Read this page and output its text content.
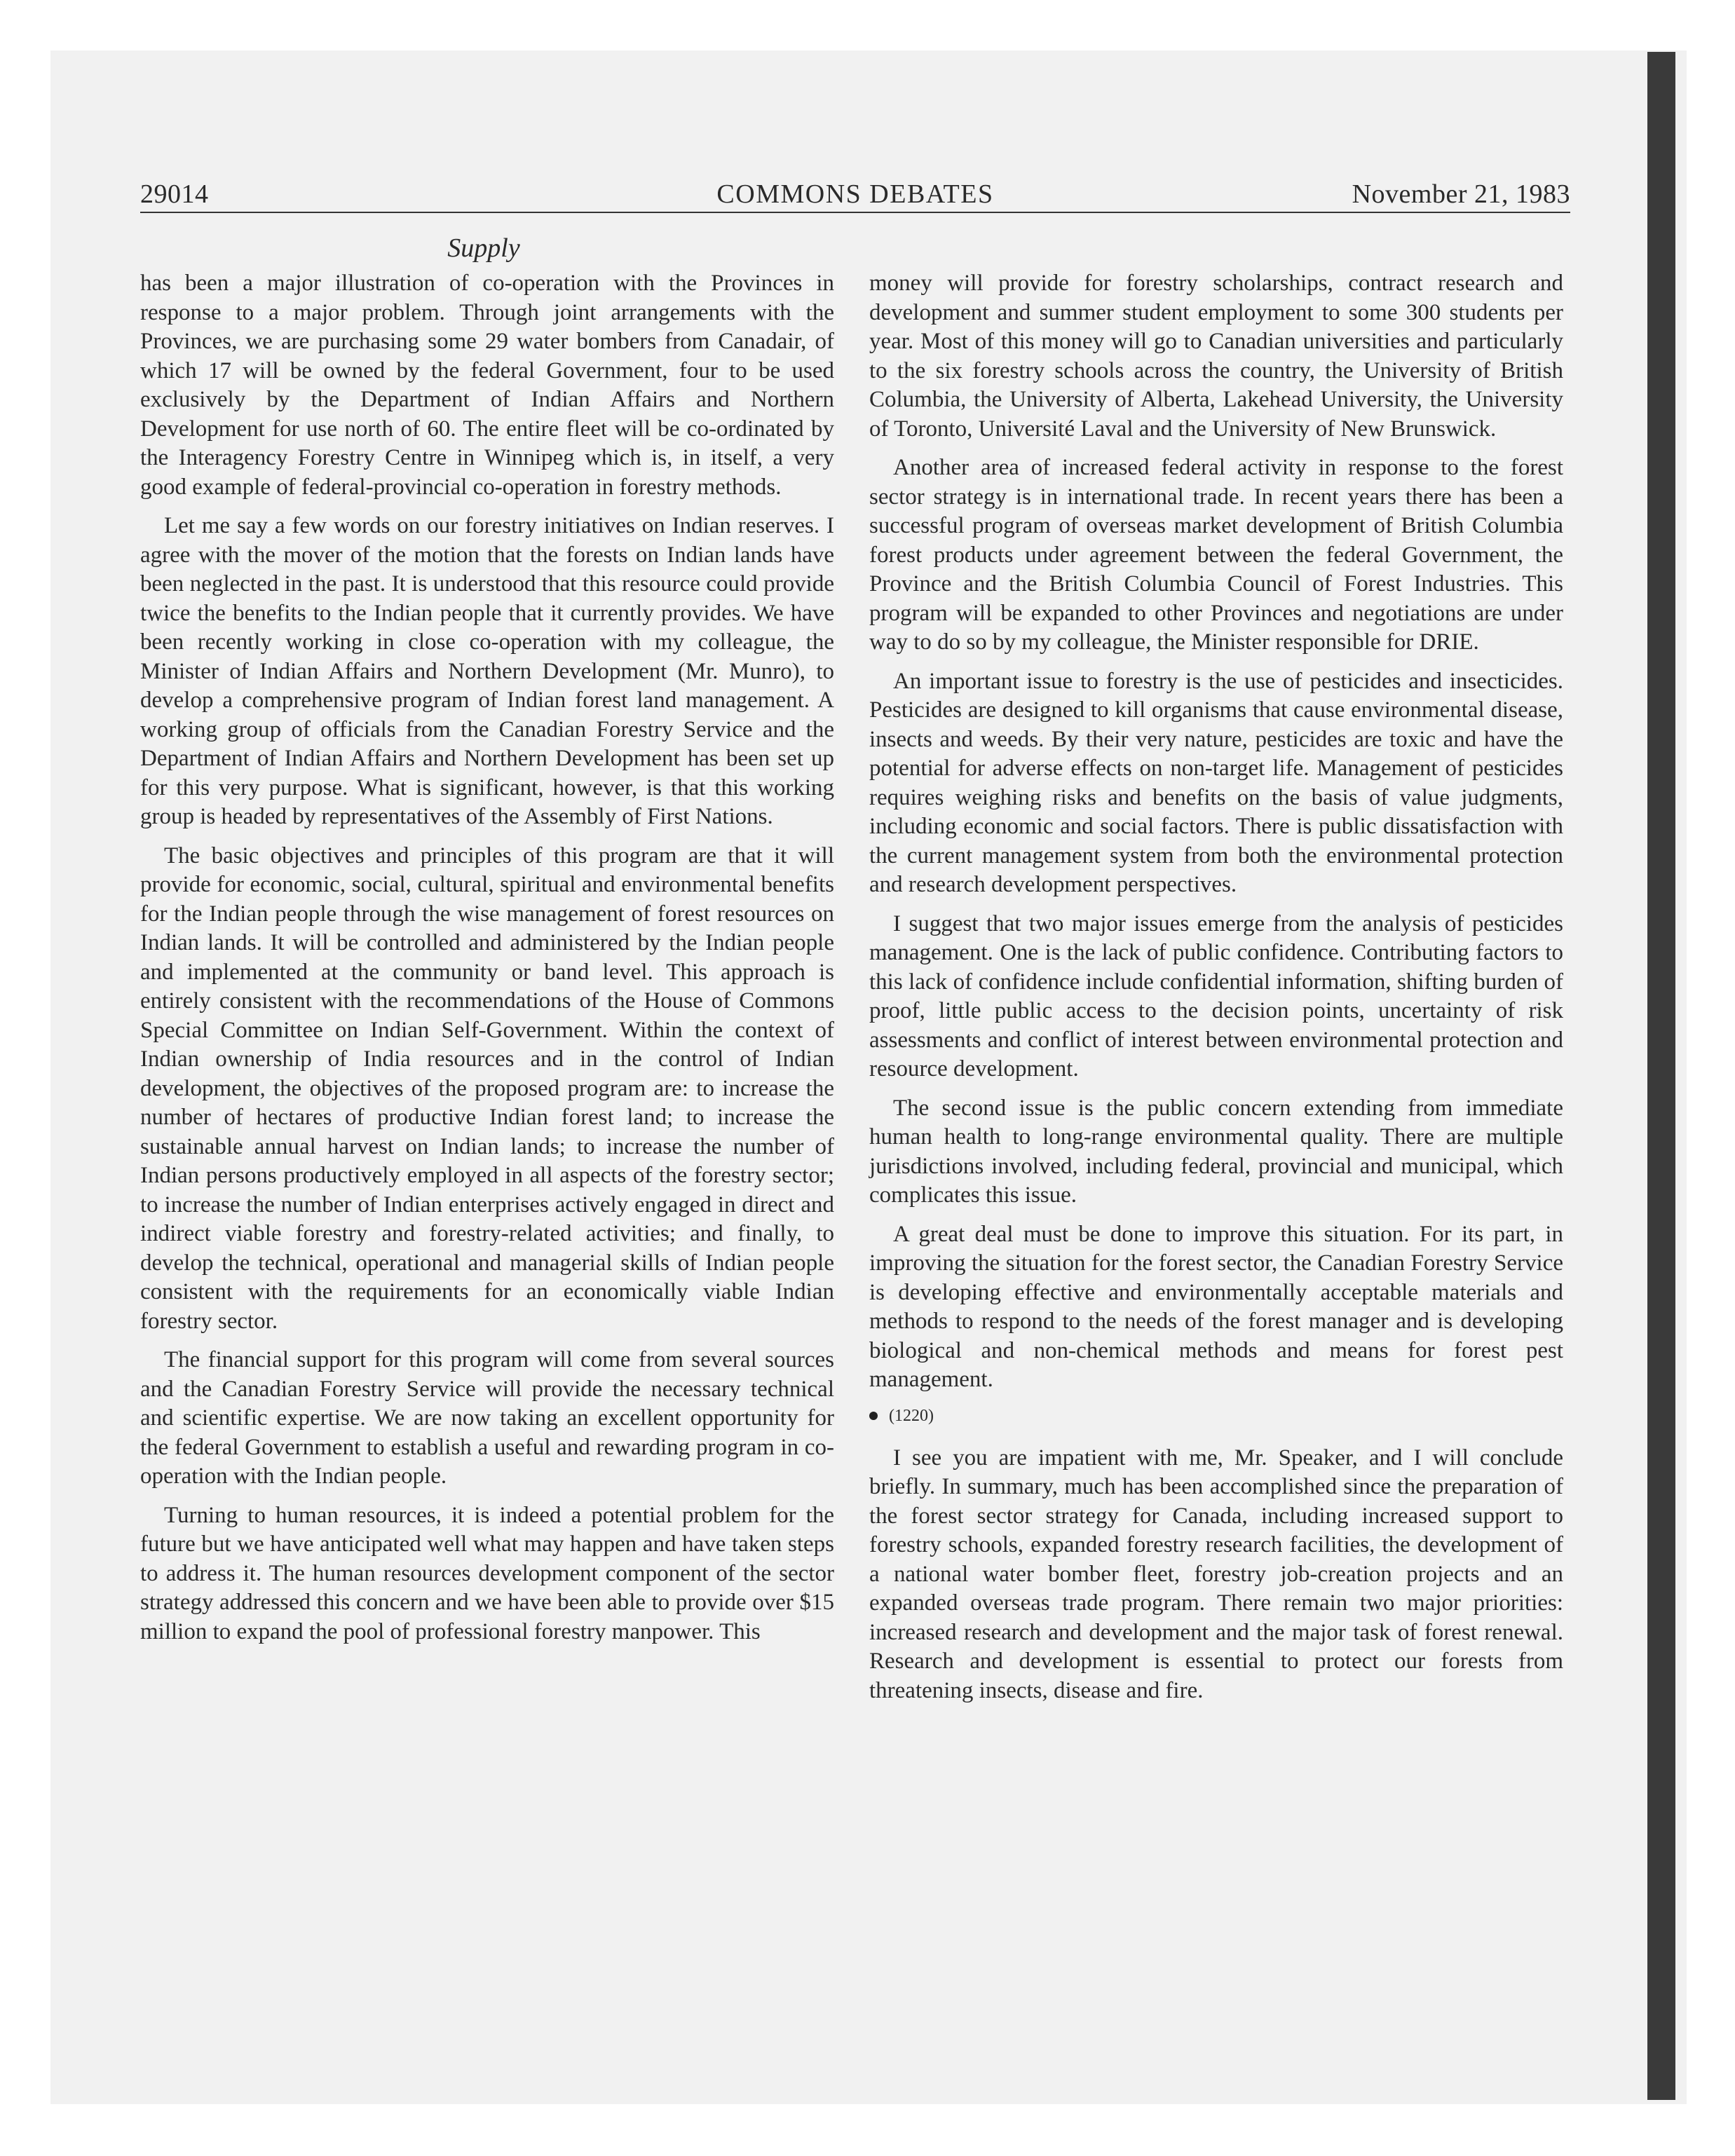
29014	COMMONS DEBATES	November 21, 1983
Supply

has been a major illustration of co-operation with the Provinces in response to a major problem. Through joint arrangements with the Provinces, we are purchasing some 29 water bombers from Canadair, of which 17 will be owned by the federal Government, four to be used exclusively by the Department of Indian Affairs and Northern Development for use north of 60. The entire fleet will be co-ordinated by the Interagency Forestry Centre in Winnipeg which is, in itself, a very good example of federal-provincial co-operation in forestry methods.

Let me say a few words on our forestry initiatives on Indian reserves. I agree with the mover of the motion that the forests on Indian lands have been neglected in the past. It is understood that this resource could provide twice the benefits to the Indian people that it currently provides. We have been recently working in close co-operation with my colleague, the Minister of Indian Affairs and Northern Development (Mr. Munro), to develop a comprehensive program of Indian forest land management. A working group of officials from the Canadian Forestry Service and the Department of Indian Affairs and Northern Development has been set up for this very purpose. What is significant, however, is that this working group is headed by representatives of the Assembly of First Nations.

The basic objectives and principles of this program are that it will provide for economic, social, cultural, spiritual and environmental benefits for the Indian people through the wise management of forest resources on Indian lands. It will be controlled and administered by the Indian people and implemented at the community or band level. This approach is entirely consistent with the recommendations of the House of Commons Special Committee on Indian Self-Government. Within the context of Indian ownership of India resources and in the control of Indian development, the objectives of the proposed program are: to increase the number of hectares of productive Indian forest land; to increase the sustainable annual harvest on Indian lands; to increase the number of Indian persons productively employed in all aspects of the forestry sector; to increase the number of Indian enterprises actively engaged in direct and indirect viable forestry and forestry-related activities; and finally, to develop the technical, operational and managerial skills of Indian people consistent with the requirements for an economically viable Indian forestry sector.

The financial support for this program will come from several sources and the Canadian Forestry Service will provide the necessary technical and scientific expertise. We are now taking an excellent opportunity for the federal Government to establish a useful and rewarding program in co-operation with the Indian people.

Turning to human resources, it is indeed a potential problem for the future but we have anticipated well what may happen and have taken steps to address it. The human resources development component of the sector strategy addressed this concern and we have been able to provide over $15 million to expand the pool of professional forestry manpower. This

money will provide for forestry scholarships, contract research and development and summer student employment to some 300 students per year. Most of this money will go to Canadian universities and particularly to the six forestry schools across the country, the University of British Columbia, the University of Alberta, Lakehead University, the University of Toronto, Université Laval and the University of New Brunswick.

Another area of increased federal activity in response to the forest sector strategy is in international trade. In recent years there has been a successful program of overseas market development of British Columbia forest products under agreement between the federal Government, the Province and the British Columbia Council of Forest Industries. This program will be expanded to other Provinces and negotiations are under way to do so by my colleague, the Minister responsible for DRIE.

An important issue to forestry is the use of pesticides and insecticides. Pesticides are designed to kill organisms that cause environmental disease, insects and weeds. By their very nature, pesticides are toxic and have the potential for adverse effects on non-target life. Management of pesticides requires weighing risks and benefits on the basis of value judgments, including economic and social factors. There is public dissatisfaction with the current management system from both the environmental protection and research development perspectives.

I suggest that two major issues emerge from the analysis of pesticides management. One is the lack of public confidence. Contributing factors to this lack of confidence include confidential information, shifting burden of proof, little public access to the decision points, uncertainty of risk assessments and conflict of interest between environmental protection and resource development.

The second issue is the public concern extending from immediate human health to long-range environmental quality. There are multiple jurisdictions involved, including federal, provincial and municipal, which complicates this issue.

A great deal must be done to improve this situation. For its part, in improving the situation for the forest sector, the Canadian Forestry Service is developing effective and environmentally acceptable materials and methods to respond to the needs of the forest manager and is developing biological and non-chemical methods and means for forest pest management.

(1220)

I see you are impatient with me, Mr. Speaker, and I will conclude briefly. In summary, much has been accomplished since the preparation of the forest sector strategy for Canada, including increased support to forestry schools, expanded forestry research facilities, the development of a national water bomber fleet, forestry job-creation projects and an expanded overseas trade program. There remain two major priorities: increased research and development and the major task of forest renewal. Research and development is essential to protect our forests from threatening insects, disease and fire.
